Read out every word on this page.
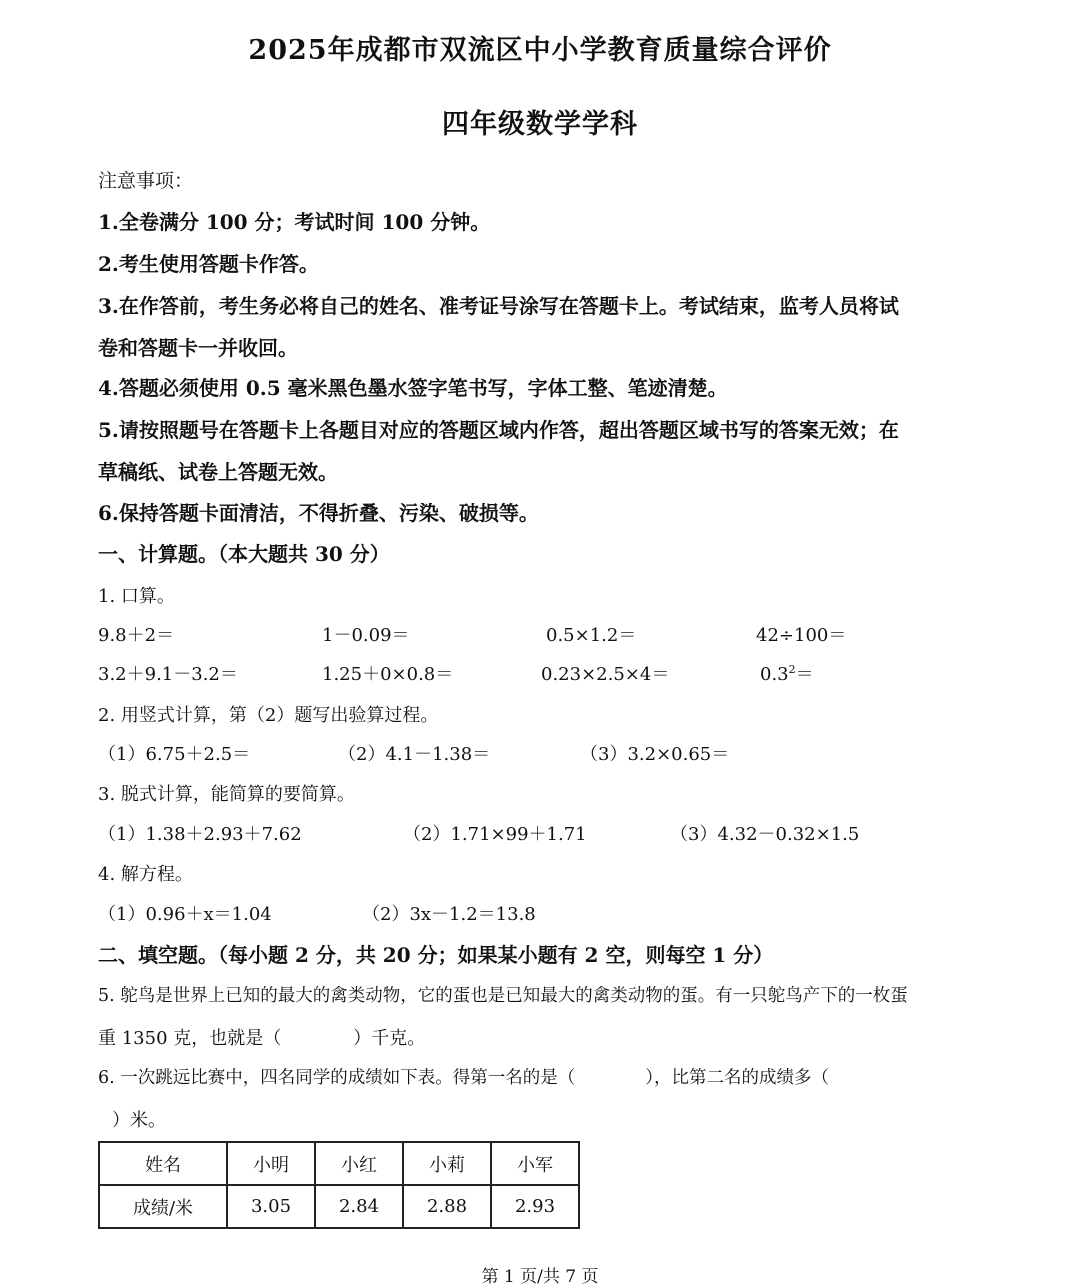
2025年成都市双流区中小学教育质量综合评价
四年级数学学科
注意事项：
1.全卷满分 100 分；考试时间 100 分钟。
2.考生使用答题卡作答。
3.在作答前，考生务必将自己的姓名、准考证号涂写在答题卡上。考试结束，监考人员将试
卷和答题卡一并收回。
4.答题必须使用 0.5 毫米黑色墨水签字笔书写，字体工整、笔迹清楚。
5.请按照题号在答题卡上各题目对应的答题区域内作答，超出答题区域书写的答案无效；在
草稿纸、试卷上答题无效。
6.保持答题卡面清洁，不得折叠、污染、破损等。
一、计算题。（本大题共 30 分）
1. 口算。
9.8＋2＝	1－0.09＝	0.5×1.2＝	42÷100＝
3.2＋9.1－3.2＝	1.25＋0×0.8＝	0.23×2.5×4＝	$0.3^2=$
2. 用竖式计算，第（2）题写出验算过程。
（1）6.75＋2.5＝	（2）4.1－1.38＝	（3）3.2×0.65＝
3. 脱式计算，能简算的要简算。
（1）1.38＋2.93＋7.62	（2）1.71×99＋1.71	（3）4.32－0.32×1.5
4. 解方程。
（1）0.96＋x＝1.04	（2）3x－1.2＝13.8
二、填空题。（每小题 2 分，共 20 分；如果某小题有 2 空，则每空 1 分）
5. 鸵鸟是世界上已知的最大的禽类动物，它的蛋也是已知最大的禽类动物的蛋。有一只鸵鸟产下的一枚蛋
重 1350 克，也就是（　　　　）千克。
6. 一次跳远比赛中，四名同学的成绩如下表。得第一名的是（　　　　），比第二名的成绩多（
）米。
姓名	小明	小红	小莉	小军
成绩/米	3.05	2.84	2.88	2.93
第 1 页/共 7 页
